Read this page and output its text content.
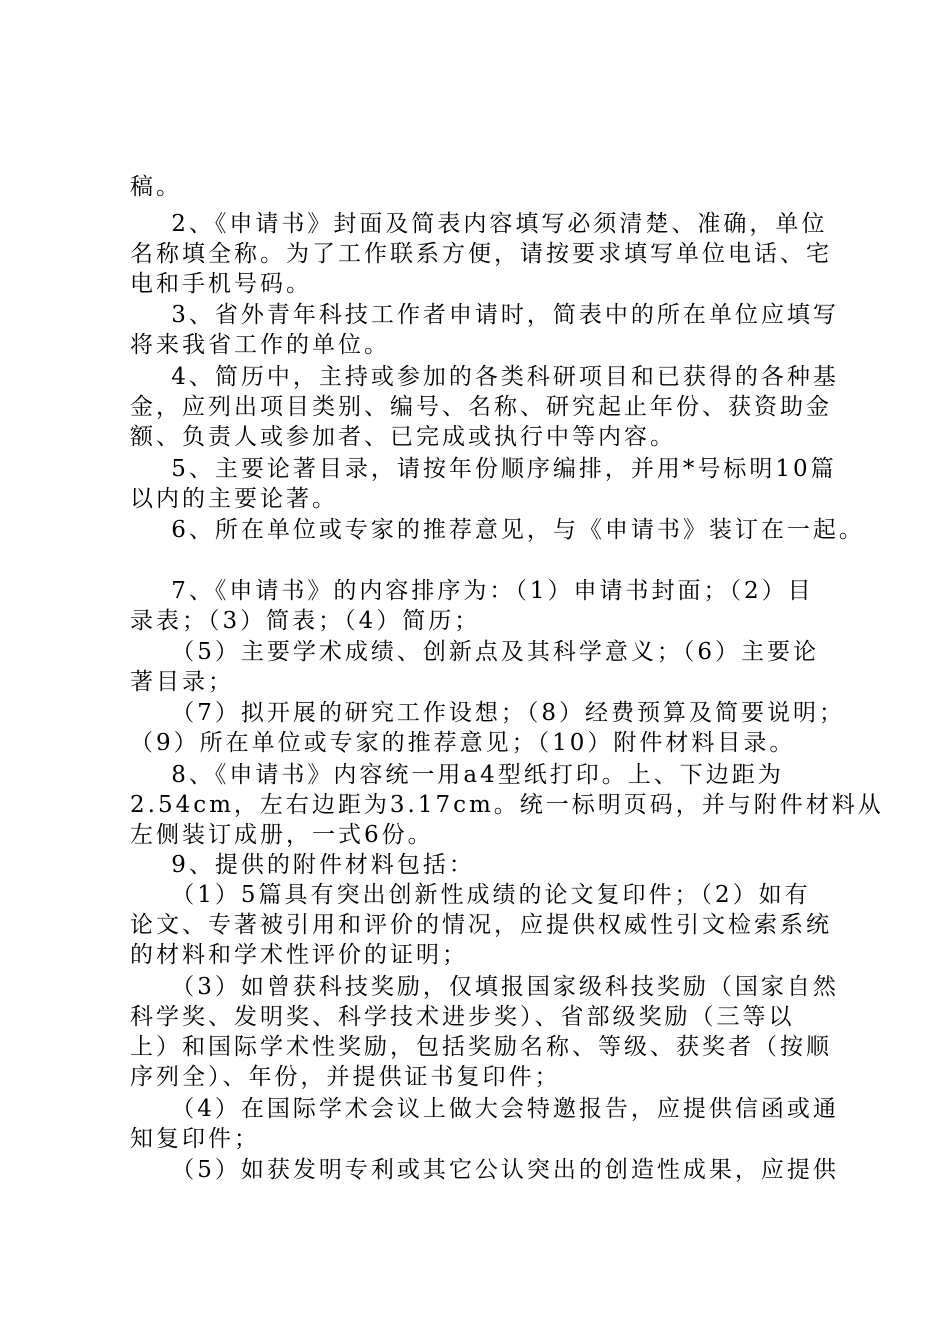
稿。
2、《申请书》封面及简表内容填写必须清楚、准确，单位
名称填全称。为了工作联系方便，请按要求填写单位电话、宅
电和手机号码。
3、省外青年科技工作者申请时，简表中的所在单位应填写
将来我省工作的单位。
4、简历中，主持或参加的各类科研项目和已获得的各种基
金，应列出项目类别、编号、名称、研究起止年份、获资助金
额、负责人或参加者、已完成或执行中等内容。
5、主要论著目录，请按年份顺序编排，并用*号标明10篇
以内的主要论著。
6、所在单位或专家的推荐意见，与《申请书》装订在一起。
7、《申请书》的内容排序为：（1）申请书封面；（2）目
录表；（3）简表；（4）简历；
（5）主要学术成绩、创新点及其科学意义；（6）主要论
著目录；
（7）拟开展的研究工作设想；（8）经费预算及简要说明；
（9）所在单位或专家的推荐意见；（10）附件材料目录。
8、《申请书》内容统一用a4型纸打印。上、下边距为
2.54cm，左右边距为3.17cm。统一标明页码，并与附件材料从
左侧装订成册，一式6份。
9、提供的附件材料包括：
（1）5篇具有突出创新性成绩的论文复印件；（2）如有
论文、专著被引用和评价的情况，应提供权威性引文检索系统
的材料和学术性评价的证明；
（3）如曾获科技奖励，仅填报国家级科技奖励（国家自然
科学奖、发明奖、科学技术进步奖）、省部级奖励（三等以
上）和国际学术性奖励，包括奖励名称、等级、获奖者（按顺
序列全）、年份，并提供证书复印件；
（4）在国际学术会议上做大会特邀报告，应提供信函或通
知复印件；
（5）如获发明专利或其它公认突出的创造性成果，应提供
